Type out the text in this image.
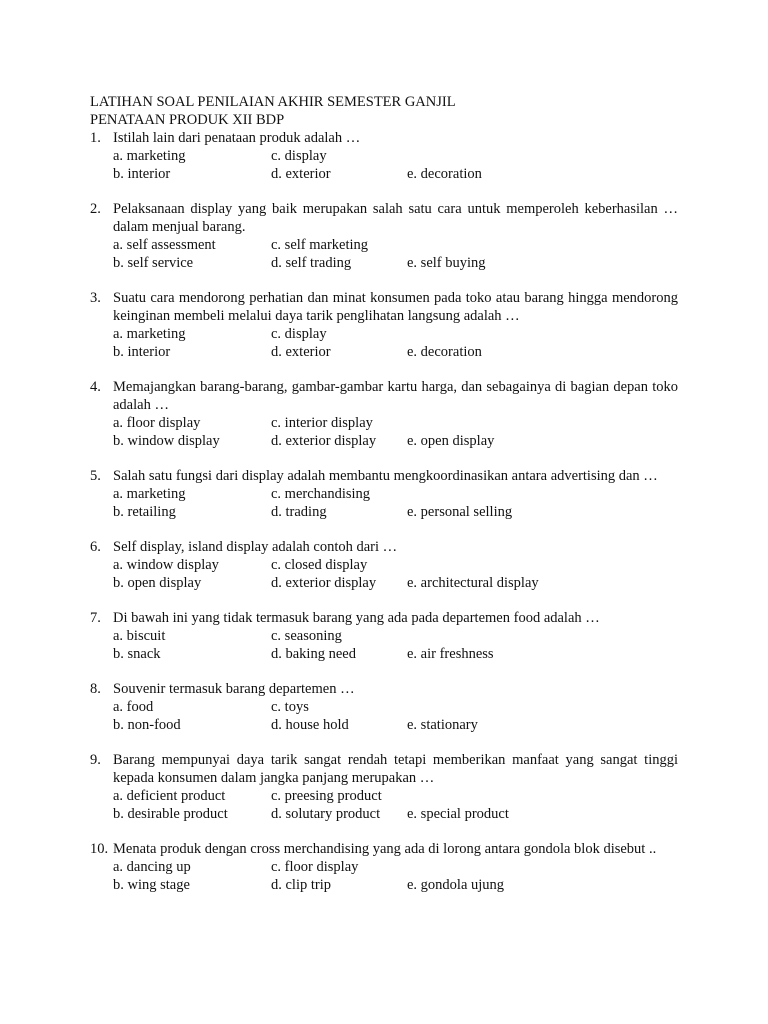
LATIHAN SOAL PENILAIAN AKHIR SEMESTER GANJIL
PENATAAN PRODUK XII BDP
1. Istilah lain dari penataan produk adalah …
a. marketing	c. display
b. interior	d. exterior	e. decoration
2. Pelaksanaan display yang baik merupakan salah satu cara untuk memperoleh keberhasilan … dalam menjual barang.
a. self assessment	c. self marketing
b. self service	d. self trading	e. self buying
3. Suatu cara mendorong perhatian dan minat konsumen pada toko atau barang hingga mendorong keinginan membeli melalui daya tarik penglihatan langsung adalah …
a. marketing	c. display
b. interior	d. exterior	e. decoration
4. Memajangkan barang-barang, gambar-gambar kartu harga, dan sebagainya di bagian depan toko adalah …
a. floor display	c. interior display
b. window display	d. exterior display e. open display
5. Salah satu fungsi dari display adalah membantu mengkoordinasikan antara advertising dan …
a. marketing	c. merchandising
b. retailing	d. trading	e. personal selling
6. Self display, island display adalah contoh dari …
a. window display	c. closed display
b. open display	d. exterior display e. architectural display
7. Di bawah ini yang tidak termasuk barang yang ada pada departemen food adalah …
a. biscuit	c. seasoning
b. snack	d. baking need	e. air freshness
8. Souvenir termasuk barang departemen …
a. food	c. toys
b. non-food	d. house hold	e. stationary
9. Barang mempunyai daya tarik sangat rendah tetapi memberikan manfaat yang sangat tinggi kepada konsumen dalam jangka panjang merupakan …
a. deficient product	c. preesing product
b. desirable product	d. solutary product e. special product
10. Menata produk dengan cross merchandising yang ada di lorong antara gondola blok disebut ..
a. dancing up	c. floor display
b. wing stage	d. clip trip	e. gondola ujung
